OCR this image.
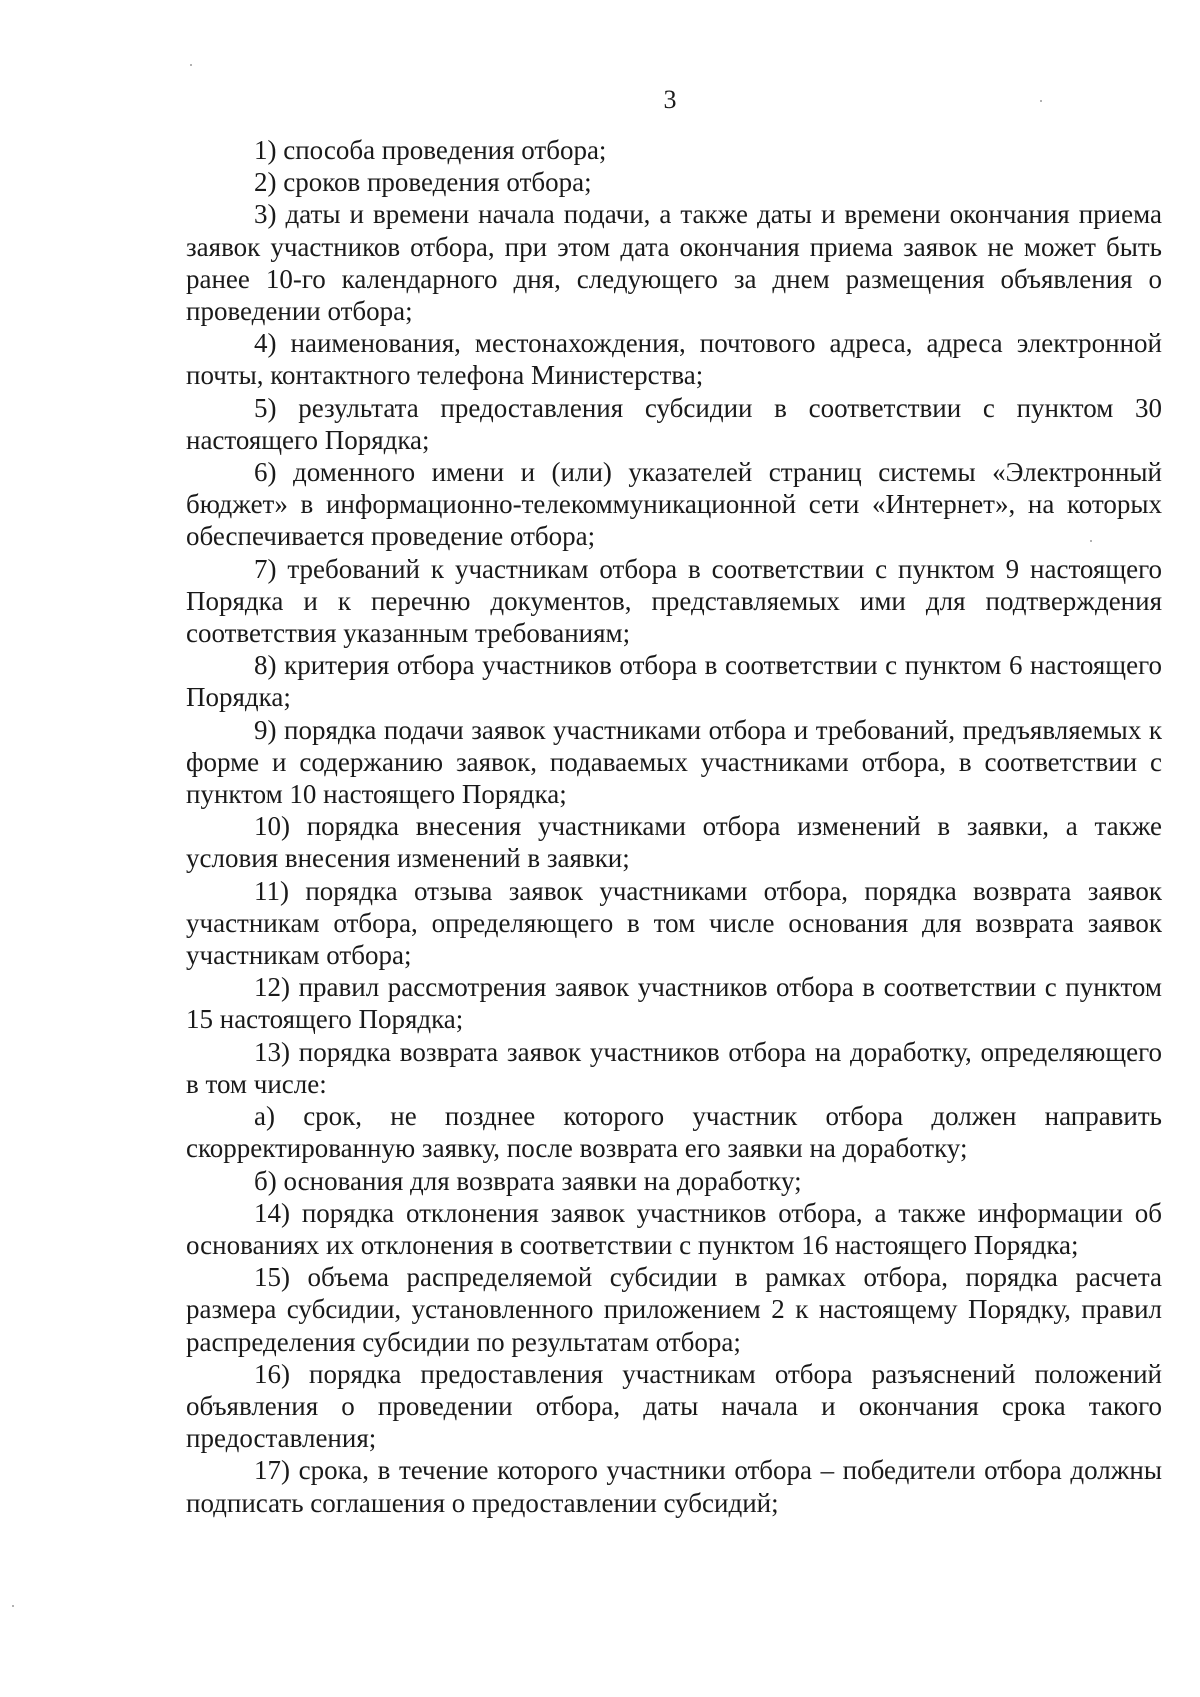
3

1) способа проведения отбора;

2) сроков проведения отбора;

3) даты и времени начала подачи, а также даты и времени окончания приема заявок участников отбора, при этом дата окончания приема заявок не может быть ранее 10-го календарного дня, следующего за днем размещения объявления о проведении отбора;

4) наименования, местонахождения, почтового адреса, адреса электронной почты, контактного телефона Министерства;

5) результата предоставления субсидии в соответствии с пунктом 30 настоящего Порядка;

6) доменного имени и (или) указателей страниц системы «Электронный бюджет» в информационно-телекоммуникационной сети «Интернет», на которых обеспечивается проведение отбора;

7) требований к участникам отбора в соответствии с пунктом 9 настоящего Порядка и к перечню документов, представляемых ими для подтверждения соответствия указанным требованиям;

8) критерия отбора участников отбора в соответствии с пунктом 6 настоящего Порядка;

9) порядка подачи заявок участниками отбора и требований, предъявляемых к форме и содержанию заявок, подаваемых участниками отбора, в соответствии с пунктом 10 настоящего Порядка;

10) порядка внесения участниками отбора изменений в заявки, а также условия внесения изменений в заявки;

11) порядка отзыва заявок участниками отбора, порядка возврата заявок участникам отбора, определяющего в том числе основания для возврата заявок участникам отбора;

12) правил рассмотрения заявок участников отбора в соответствии с пунктом 15 настоящего Порядка;

13) порядка возврата заявок участников отбора на доработку, определяющего в том числе:

а) срок, не позднее которого участник отбора должен направить скорректированную заявку, после возврата его заявки на доработку;

б) основания для возврата заявки на доработку;

14) порядка отклонения заявок участников отбора, а также информации об основаниях их отклонения в соответствии с пунктом 16 настоящего Порядка;

15) объема распределяемой субсидии в рамках отбора, порядка расчета размера субсидии, установленного приложением 2 к настоящему Порядку, правил распределения субсидии по результатам отбора;

16) порядка предоставления участникам отбора разъяснений положений объявления о проведении отбора, даты начала и окончания срока такого предоставления;

17) срока, в течение которого участники отбора – победители отбора должны подписать соглашения о предоставлении субсидий;
